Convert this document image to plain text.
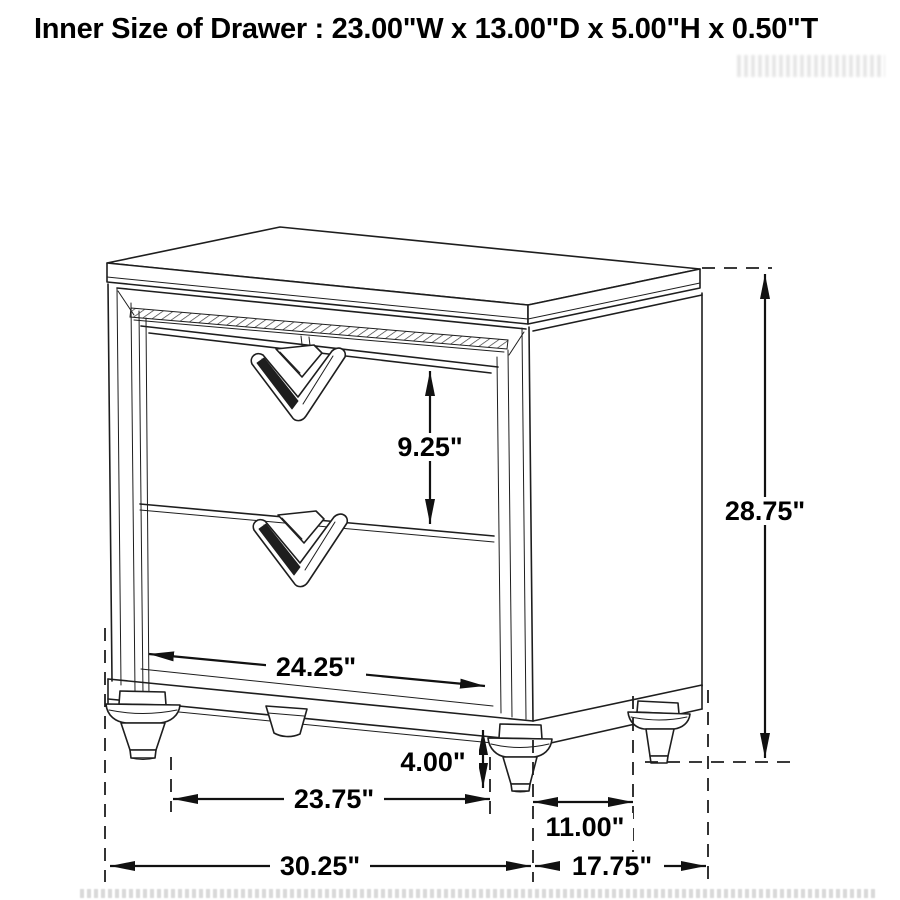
Inner Size of Drawer : 23.00"W x 13.00"D x 5.00"H x 0.50"T
9.25"
28.75"
24.25"
4.00"
23.75"
11.00"
30.25"	17.75"
